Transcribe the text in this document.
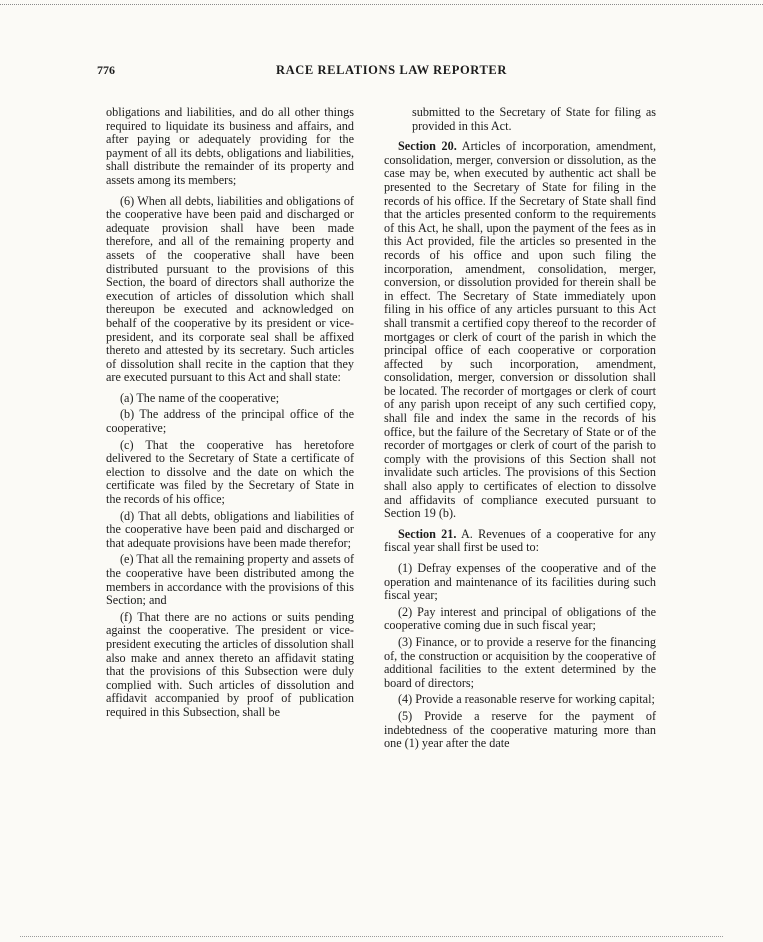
776	RACE RELATIONS LAW REPORTER

obligations and liabilities, and do all other things required to liquidate its business and affairs, and after paying or adequately providing for the payment of all its debts, obligations and liabilities, shall distribute the remainder of its property and assets among its members;

(6) When all debts, liabilities and obligations of the cooperative have been paid and discharged or adequate provision shall have been made therefore, and all of the remaining property and assets of the cooperative shall have been distributed pursuant to the provisions of this Section, the board of directors shall authorize the execution of articles of dissolution which shall thereupon be executed and acknowledged on behalf of the cooperative by its president or vice-president, and its corporate seal shall be affixed thereto and attested by its secretary. Such articles of dissolution shall recite in the caption that they are executed pursuant to this Act and shall state:

(a) The name of the cooperative;

(b) The address of the principal office of the cooperative;

(c) That the cooperative has heretofore delivered to the Secretary of State a certificate of election to dissolve and the date on which the certificate was filed by the Secretary of State in the records of his office;

(d) That all debts, obligations and liabilities of the cooperative have been paid and discharged or that adequate provisions have been made therefor;

(e) That all the remaining property and assets of the cooperative have been distributed among the members in accordance with the provisions of this Section; and

(f) That there are no actions or suits pending against the cooperative. The president or vice-president executing the articles of dissolution shall also make and annex thereto an affidavit stating that the provisions of this Subsection were duly complied with. Such articles of dissolution and affidavit accompanied by proof of publication required in this Subsection, shall be

submitted to the Secretary of State for filing as provided in this Act.

Section 20. Articles of incorporation, amendment, consolidation, merger, conversion or dissolution, as the case may be, when executed by authentic act shall be presented to the Secretary of State for filing in the records of his office. If the Secretary of State shall find that the articles presented conform to the requirements of this Act, he shall, upon the payment of the fees as in this Act provided, file the articles so presented in the records of his office and upon such filing the incorporation, amendment, consolidation, merger, conversion, or dissolution provided for therein shall be in effect. The Secretary of State immediately upon filing in his office of any articles pursuant to this Act shall transmit a certified copy thereof to the recorder of mortgages or clerk of court of the parish in which the principal office of each cooperative or corporation affected by such incorporation, amendment, consolidation, merger, conversion or dissolution shall be located. The recorder of mortgages or clerk of court of any parish upon receipt of any such certified copy, shall file and index the same in the records of his office, but the failure of the Secretary of State or of the recorder of mortgages or clerk of court of the parish to comply with the provisions of this Section shall not invalidate such articles. The provisions of this Section shall also apply to certificates of election to dissolve and affidavits of compliance executed pursuant to Section 19 (b).

Section 21. A. Revenues of a cooperative for any fiscal year shall first be used to:

(1) Defray expenses of the cooperative and of the operation and maintenance of its facilities during such fiscal year;

(2) Pay interest and principal of obligations of the cooperative coming due in such fiscal year;

(3) Finance, or to provide a reserve for the financing of, the construction or acquisition by the cooperative of additional facilities to the extent determined by the board of directors;

(4) Provide a reasonable reserve for working capital;

(5) Provide a reserve for the payment of indebtedness of the cooperative maturing more than one (1) year after the date
